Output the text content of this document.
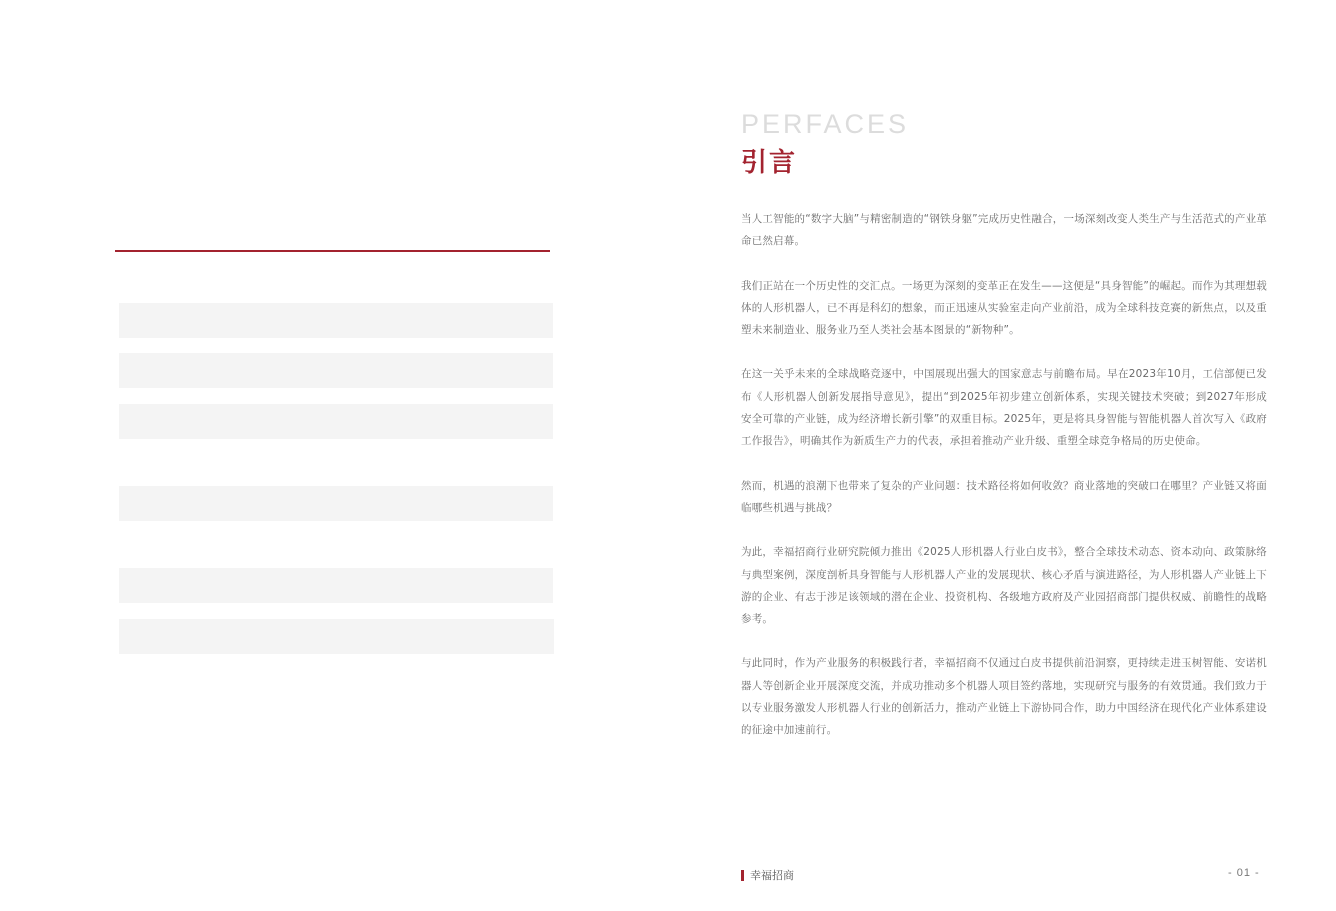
PERFACES
引言

当人工智能的“数字大脑”与精密制造的“钢铁身躯”完成历史性融合，一场深刻改变人类生产与生活范式的产业革命已然启幕。

我们正站在一个历史性的交汇点。一场更为深刻的变革正在发生——这便是“具身智能”的崛起。而作为其理想载体的人形机器人，已不再是科幻的想象，而正迅速从实验室走向产业前沿，成为全球科技竞赛的新焦点，以及重塑未来制造业、服务业乃至人类社会基本图景的“新物种”。

在这一关乎未来的全球战略竞逐中，中国展现出强大的国家意志与前瞻布局。早在2023年10月，工信部便已发布《人形机器人创新发展指导意见》，提出“到2025年初步建立创新体系，实现关键技术突破；到2027年形成安全可靠的产业链，成为经济增长新引擎”的双重目标。2025年，更是将具身智能与智能机器人首次写入《政府工作报告》，明确其作为新质生产力的代表，承担着推动产业升级、重塑全球竞争格局的历史使命。

然而，机遇的浪潮下也带来了复杂的产业问题：技术路径将如何收敛？商业落地的突破口在哪里？产业链又将面临哪些机遇与挑战？

为此，幸福招商行业研究院倾力推出《2025人形机器人行业白皮书》，整合全球技术动态、资本动向、政策脉络与典型案例，深度剖析具身智能与人形机器人产业的发展现状、核心矛盾与演进路径，为人形机器人产业链上下游的企业、有志于涉足该领域的潜在企业、投资机构、各级地方政府及产业园招商部门提供权威、前瞻性的战略参考。

与此同时，作为产业服务的积极践行者，幸福招商不仅通过白皮书提供前沿洞察，更持续走进玉树智能、安诺机器人等创新企业开展深度交流，并成功推动多个机器人项目签约落地，实现研究与服务的有效贯通。我们致力于以专业服务激发人形机器人行业的创新活力，推动产业链上下游协同合作，助力中国经济在现代化产业体系建设的征途中加速前行。

幸福招商	- 01 -
